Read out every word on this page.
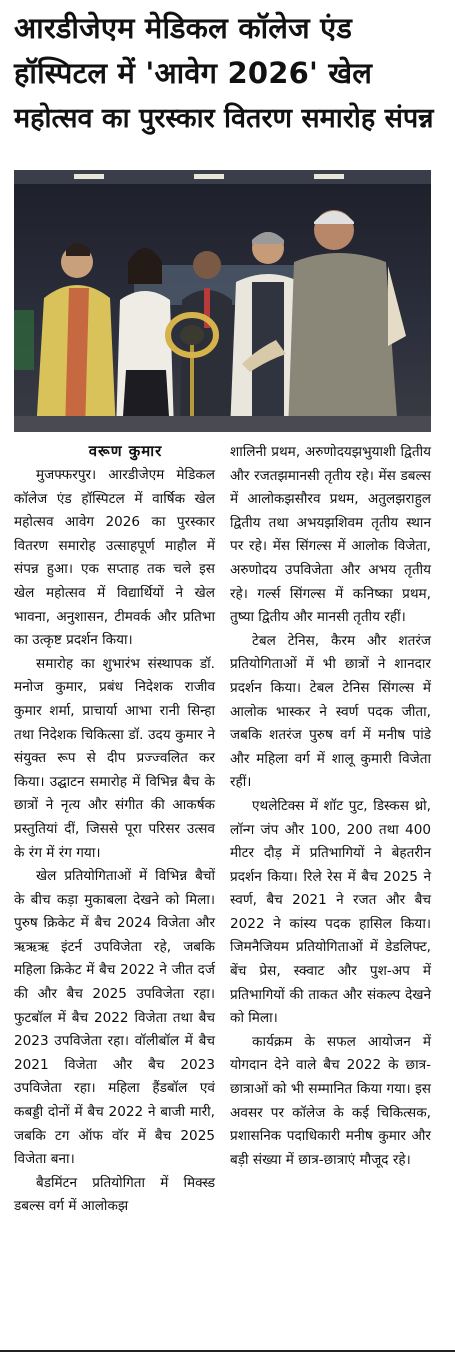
आरडीजेएम मेडिकल कॉलेज एंड
हॉस्पिटल में 'आवेग 2026' खेल
महोत्सव का पुरस्कार वितरण समारोह संपन्न

वरूण कुमार

मुजफ्फरपुर। आरडीजेएम मेडिकल कॉलेज एंड हॉस्पिटल में वार्षिक खेल महोत्सव आवेग 2026 का पुरस्कार वितरण समारोह उत्साहपूर्ण माहौल में संपन्न हुआ। एक सप्ताह तक चले इस खेल महोत्सव में विद्यार्थियों ने खेल भावना, अनुशासन, टीमवर्क और प्रतिभा का उत्कृष्ट प्रदर्शन किया।

समारोह का शुभारंभ संस्थापक डॉ. मनोज कुमार, प्रबंध निदेशक राजीव कुमार शर्मा, प्राचार्या आभा रानी सिन्हा तथा निदेशक चिकित्सा डॉ. उदय कुमार ने संयुक्त रूप से दीप प्रज्ज्वलित कर किया। उद्घाटन समारोह में विभिन्न बैच के छात्रों ने नृत्य और संगीत की आकर्षक प्रस्तुतियां दीं, जिससे पूरा परिसर उत्सव के रंग में रंग गया।

खेल प्रतियोगिताओं में विभिन्न बैचों के बीच कड़ा मुकाबला देखने को मिला। पुरुष क्रिकेट में बैच 2024 विजेता और ऋऋऋ इंटर्न उपविजेता रहे, जबकि महिला क्रिकेट में बैच 2022 ने जीत दर्ज की और बैच 2025 उपविजेता रहा। फुटबॉल में बैच 2022 विजेता तथा बैच 2023 उपविजेता रहा। वॉलीबॉल में बैच 2021 विजेता और बैच 2023 उपविजेता रहा। महिला हैंडबॉल एवं कबड्डी दोनों में बैच 2022 ने बाजी मारी, जबकि टग ऑफ वॉर में बैच 2025 विजेता बना।

बैडमिंटन प्रतियोगिता में मिक्स्ड डबल्स वर्ग में आलोकझ

शालिनी प्रथम, अरुणोदयझभुयाशी द्वितीय और रजतझमानसी तृतीय रहे। मेंस डबल्स में आलोकझसौरव प्रथम, अतुलझराहुल द्वितीय तथा अभयझशिवम तृतीय स्थान पर रहे। मेंस सिंगल्स में आलोक विजेता, अरुणोदय उपविजेता और अभय तृतीय रहे। गर्ल्स सिंगल्स में कनिष्का प्रथम, तुष्या द्वितीय और मानसी तृतीय रहीं।

टेबल टेनिस, कैरम और शतरंज प्रतियोगिताओं में भी छात्रों ने शानदार प्रदर्शन किया। टेबल टेनिस सिंगल्स में आलोक भास्कर ने स्वर्ण पदक जीता, जबकि शतरंज पुरुष वर्ग में मनीष पांडे और महिला वर्ग में शालू कुमारी विजेता रहीं।

एथलेटिक्स में शॉट पुट, डिस्कस थ्रो, लॉन्ग जंप और 100, 200 तथा 400 मीटर दौड़ में प्रतिभागियों ने बेहतरीन प्रदर्शन किया। रिले रेस में बैच 2025 ने स्वर्ण, बैच 2021 ने रजत और बैच 2022 ने कांस्य पदक हासिल किया। जिमनैजियम प्रतियोगिताओं में डेडलिफ्ट, बेंच प्रेस, स्क्वाट और पुश-अप में प्रतिभागियों की ताकत और संकल्प देखने को मिला।

कार्यक्रम के सफल आयोजन में योगदान देने वाले बैच 2022 के छात्र-छात्राओं को भी सम्मानित किया गया। इस अवसर पर कॉलेज के कई चिकित्सक, प्रशासनिक पदाधिकारी मनीष कुमार और बड़ी संख्या में छात्र-छात्राएं मौजूद रहे।
